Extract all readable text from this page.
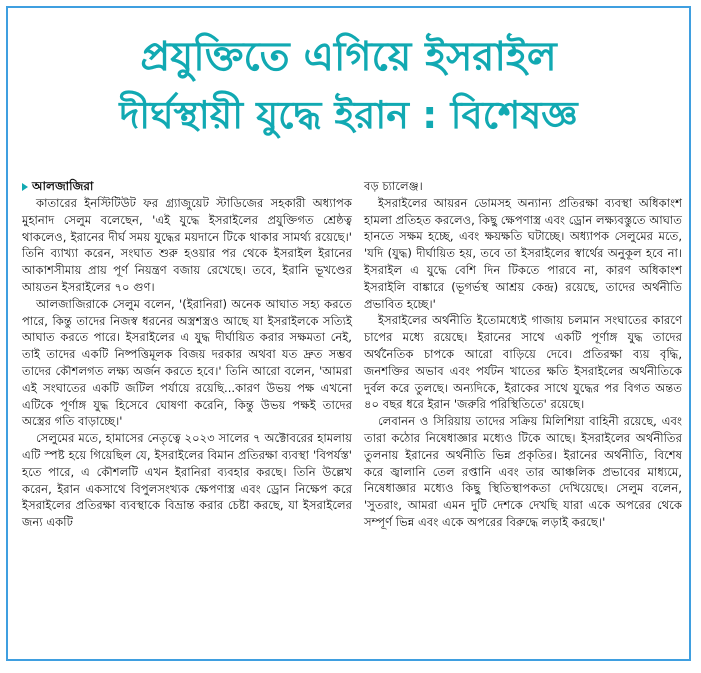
প্রযুক্তিতে এগিয়ে ইসরাইল
দীর্ঘস্থায়ী যুদ্ধে ইরান : বিশেষজ্ঞ
আলজাজিরা

কাতারের ইনস্টিটিউট ফর গ্র্যাজুয়েট স্টাডিজের সহকারী অধ্যাপক মুহানাদ সেলুম বলেছেন, 'এই যুদ্ধে ইসরাইলের প্রযুক্তিগত শ্রেষ্ঠত্ব থাকলেও, ইরানের দীর্ঘ সময় যুদ্ধের ময়দানে টিকে থাকার সামর্থ্য রয়েছে।' তিনি ব্যাখ্যা করেন, সংঘাত শুরু হওয়ার পর থেকে ইসরাইল ইরানের আকাশসীমায় প্রায় পূর্ণ নিয়ন্ত্রণ বজায় রেখেছে। তবে, ইরানি ভূখণ্ডের আয়তন ইসরাইলের ৭০ গুণ।

আলজাজিরাকে সেলুম বলেন, '(ইরানিরা) অনেক আঘাত সহ্য করতে পারে, কিন্তু তাদের নিজস্ব ধরনের অস্ত্রশস্ত্রও আছে যা ইসরাইলকে সত্যিই আঘাত করতে পারে। ইসরাইলের এ যুদ্ধ দীর্ঘায়িত করার সক্ষমতা নেই, তাই তাদের একটি নিষ্পত্তিমূলক বিজয় দরকার অথবা যত দ্রুত সম্ভব তাদের কৌশলগত লক্ষ্য অর্জন করতে হবে।' তিনি আরো বলেন, 'আমরা এই সংঘাতের একটি জটিল পর্যায়ে রয়েছি...কারণ উভয় পক্ষ এখনো এটিকে পূর্ণাঙ্গ যুদ্ধ হিসেবে ঘোষণা করেনি, কিন্তু উভয় পক্ষই তাদের অস্ত্রের গতি বাড়াচ্ছে।'

সেলুমের মতে, হামাসের নেতৃত্বে ২০২৩ সালের ৭ অক্টোবরের হামলায় এটি স্পষ্ট হয়ে গিয়েছিল যে, ইসরাইলের বিমান প্রতিরক্ষা ব্যবস্থা 'বিপর্যস্ত' হতে পারে, এ কৌশলটি এখন ইরানিরা ব্যবহার করছে। তিনি উল্লেখ করেন, ইরান একসাথে বিপুলসংখ্যক ক্ষেপণাস্ত্র এবং ড্রোন নিক্ষেপ করে ইসরাইলের প্রতিরক্ষা ব্যবস্থাকে বিভ্রান্ত করার চেষ্টা করছে, যা ইসরাইলের জন্য একটি

বড় চ্যালেঞ্জ।

ইসরাইলের আয়রন ডোমসহ অন্যান্য প্রতিরক্ষা ব্যবস্থা অধিকাংশ হামলা প্রতিহত করলেও, কিছু ক্ষেপণাস্ত্র এবং ড্রোন লক্ষ্যবস্তুতে আঘাত হানতে সক্ষম হচ্ছে, এবং ক্ষয়ক্ষতি ঘটাচ্ছে। অধ্যাপক সেলুমের মতে, 'যদি (যুদ্ধ) দীর্ঘায়িত হয়, তবে তা ইসরাইলের স্বার্থের অনুকূল হবে না। ইসরাইল এ যুদ্ধে বেশি দিন টিকতে পারবে না, কারণ অধিকাংশ ইসরাইলি বাঙ্কারে (ভূগর্ভস্থ আশ্রয় কেন্দ্র) রয়েছে, তাদের অর্থনীতি প্রভাবিত হচ্ছে।'

ইসরাইলের অর্থনীতি ইতোমধ্যেই গাজায় চলমান সংঘাতের কারণে চাপের মধ্যে রয়েছে। ইরানের সাথে একটি পূর্ণাঙ্গ যুদ্ধ তাদের অর্থনৈতিক চাপকে আরো বাড়িয়ে দেবে। প্রতিরক্ষা ব্যয় বৃদ্ধি, জনশক্তির অভাব এবং পর্যটন খাতের ক্ষতি ইসরাইলের অর্থনীতিকে দুর্বল করে তুলছে। অন্যদিকে, ইরাকের সাথে যুদ্ধের পর বিগত অন্তত ৪০ বছর ধরে ইরান 'জরুরি পরিস্থিতিতে' রয়েছে।

লেবানন ও সিরিয়ায় তাদের সক্রিয় মিলিশিয়া বাহিনী রয়েছে, এবং তারা কঠোর নিষেধাজ্ঞার মধ্যেও টিকে আছে। ইসরাইলের অর্থনীতির তুলনায় ইরানের অর্থনীতি ভিন্ন প্রকৃতির। ইরানের অর্থনীতি, বিশেষ করে জ্বালানি তেল রপ্তানি এবং তার আঞ্চলিক প্রভাবের মাধ্যমে, নিষেধাজ্ঞার মধ্যেও কিছু স্থিতিস্থাপকতা দেখিয়েছে। সেলুম বলেন, 'সুতরাং, আমরা এমন দুটি দেশকে দেখছি যারা একে অপরের থেকে সম্পূর্ণ ভিন্ন এবং একে অপরের বিরুদ্ধে লড়াই করছে।'
